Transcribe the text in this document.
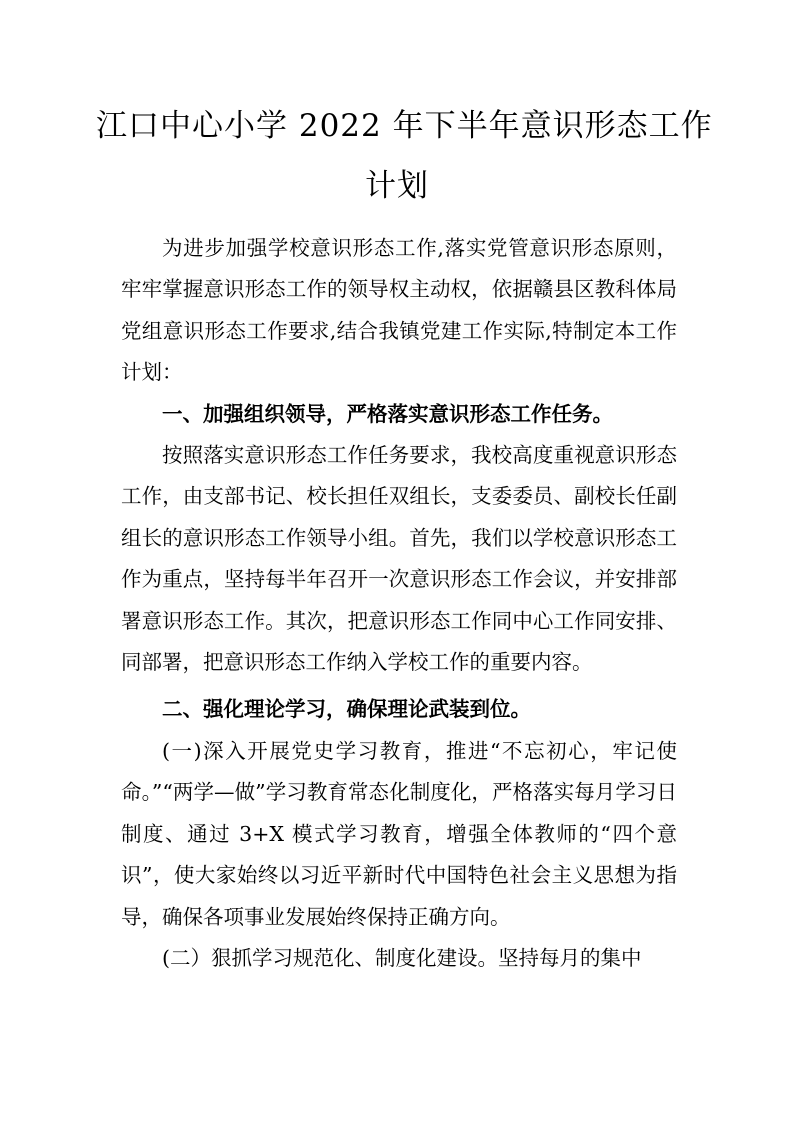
江口中心小学 2022 年下半年意识形态工作
计划

为进步加强学校意识形态工作,落实党管意识形态原则，牢牢掌握意识形态工作的领导权主动权，依据赣县区教科体局党组意识形态工作要求,结合我镇党建工作实际,特制定本工作计划：

一、加强组织领导，严格落实意识形态工作任务。

按照落实意识形态工作任务要求，我校高度重视意识形态工作，由支部书记、校长担任双组长，支委委员、副校长任副组长的意识形态工作领导小组。首先，我们以学校意识形态工作为重点，坚持每半年召开一次意识形态工作会议，并安排部署意识形态工作。其次，把意识形态工作同中心工作同安排、同部署，把意识形态工作纳入学校工作的重要内容。

二、强化理论学习，确保理论武装到位。

(一)深入开展党史学习教育，推进“不忘初心，牢记使命。”“两学—做”学习教育常态化制度化，严格落实每月学习日制度、通过 3+X 模式学习教育，增强全体教师的“四个意识”，使大家始终以习近平新时代中国特色社会主义思想为指导，确保各项事业发展始终保持正确方向。

(二）狠抓学习规范化、制度化建设。坚持每月的集中
